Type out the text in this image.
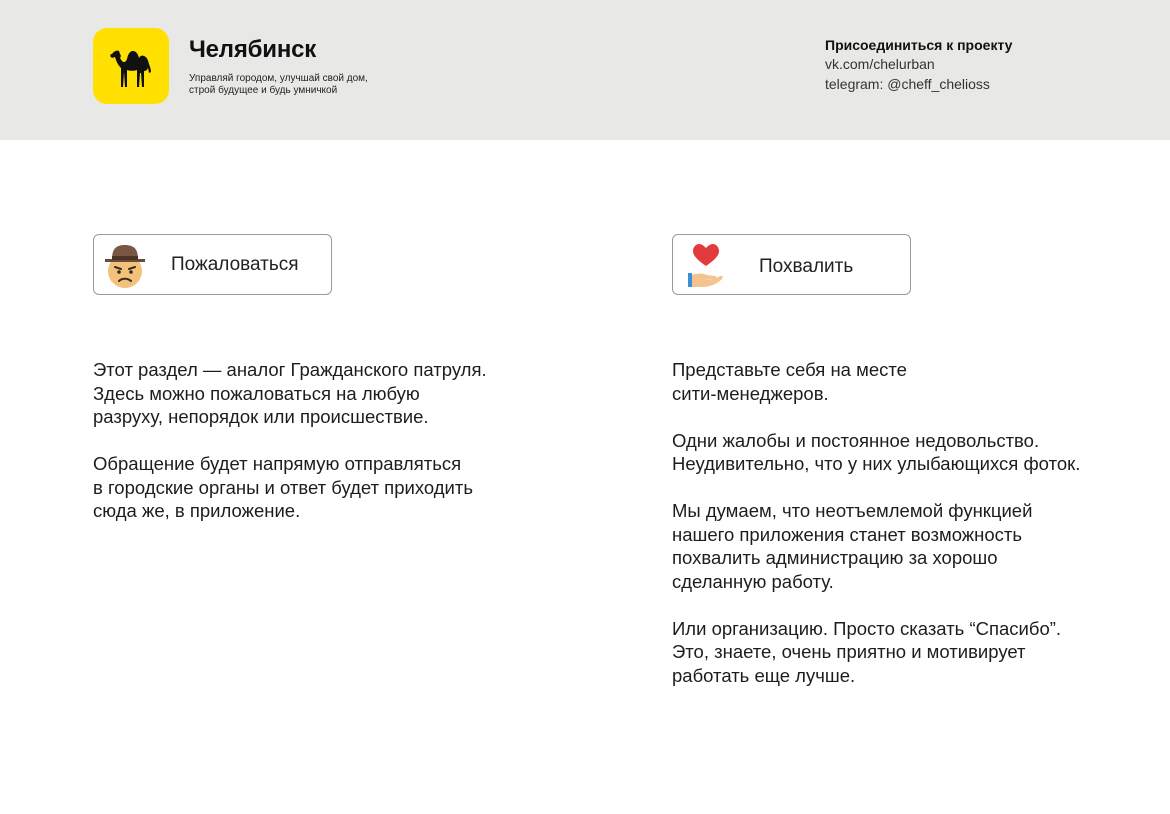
Челябинск
Управляй городом, улучшай свой дом,
строй будущее и будь умничкой
Присоединиться к проекту
vk.com/chelurban
telegram: @cheff_chelioss
Пожаловаться	Похвалить

Этот раздел — аналог Гражданского патруля.
Здесь можно пожаловаться на любую
разруху, непорядок или происшествие.

Обращение будет напрямую отправляться
в городские органы и ответ будет приходить
сюда же, в приложение.

Представьте себя на месте
сити-менеджеров.

Одни жалобы и постоянное недовольство.
Неудивительно, что у них улыбающихся фоток.

Мы думаем, что неотъемлемой функцией
нашего приложения станет возможность
похвалить администрацию за хорошо
сделанную работу.

Или организацию. Просто сказать “Спасибо”.
Это, знаете, очень приятно и мотивирует
работать еще лучше.
